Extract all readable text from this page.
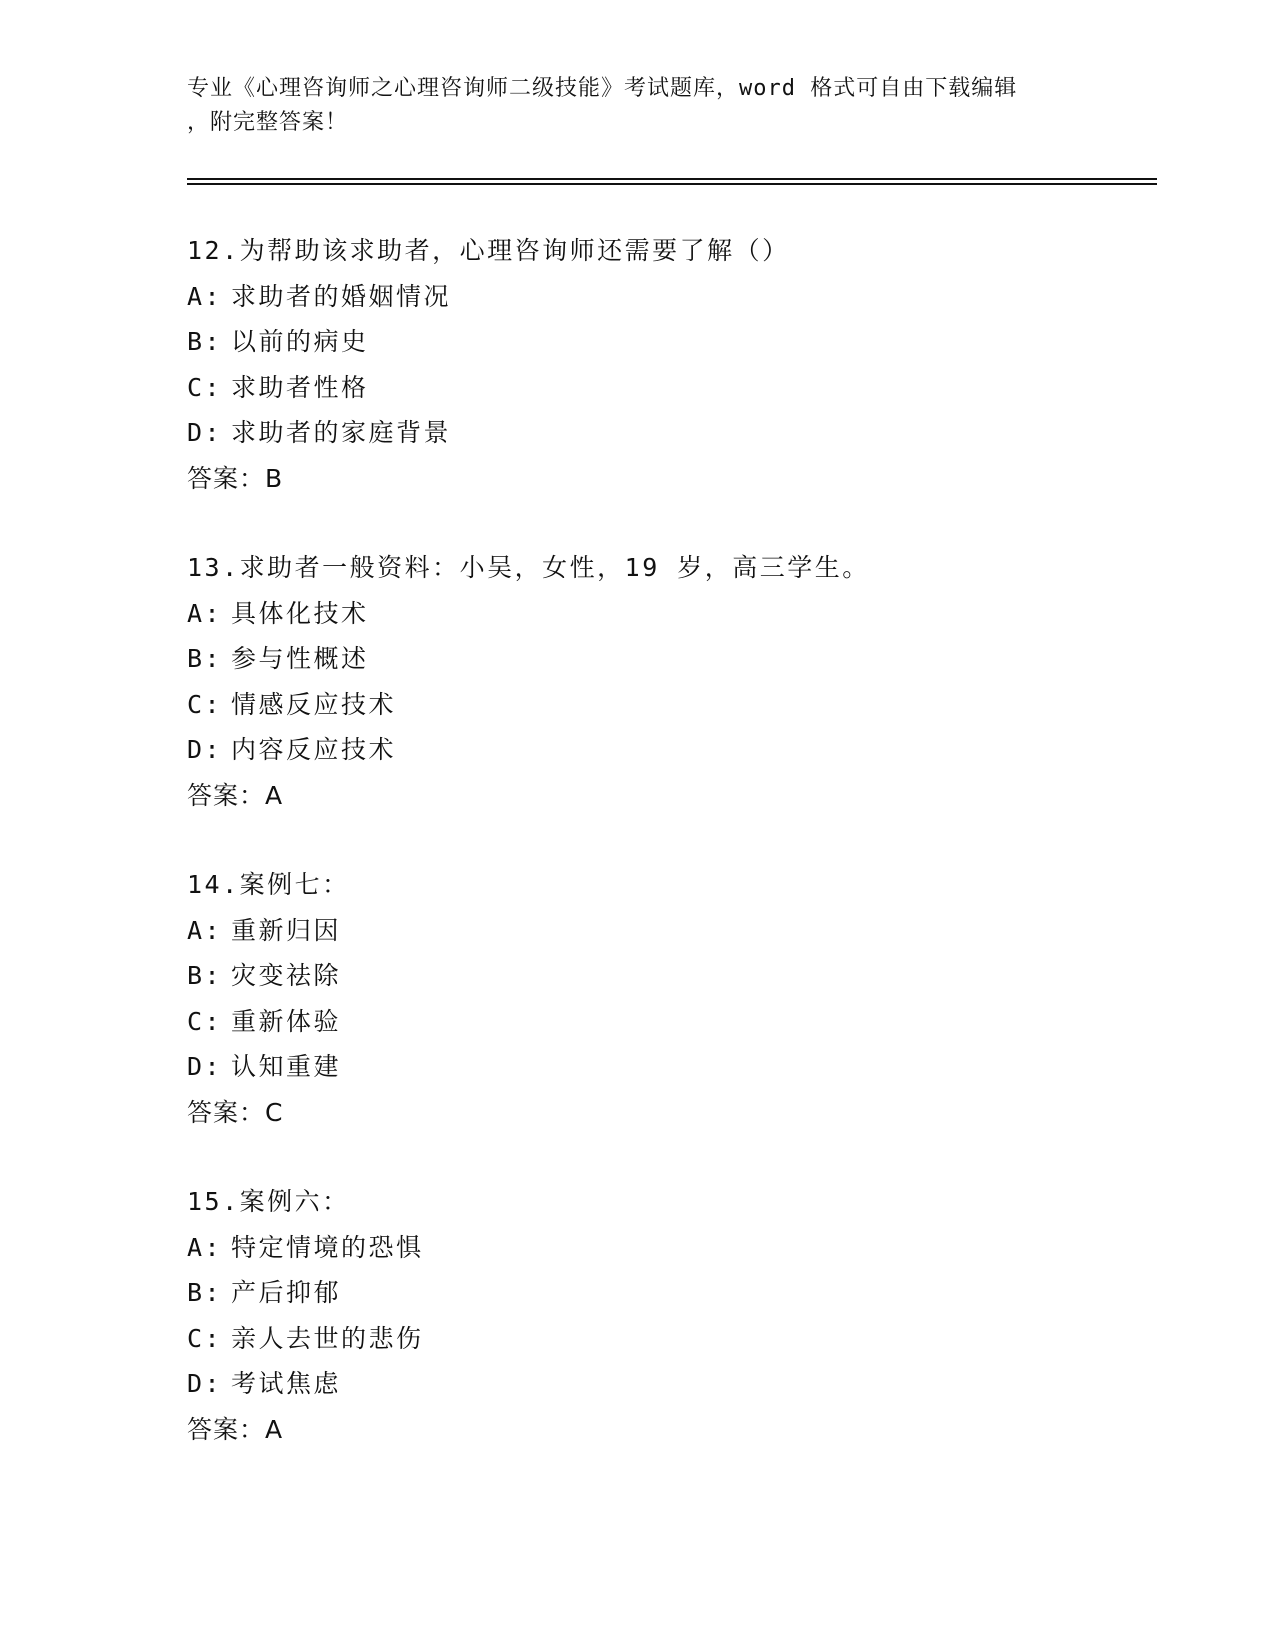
专业《心理咨询师之心理咨询师二级技能》考试题库，word 格式可自由下载编辑
，附完整答案！
12.为帮助该求助者，心理咨询师还需要了解（）
A: 求助者的婚姻情况
B: 以前的病史
C: 求助者性格
D: 求助者的家庭背景
答案：B
13.求助者一般资料：小吴，女性，19 岁，高三学生。
A: 具体化技术
B: 参与性概述
C: 情感反应技术
D: 内容反应技术
答案：A
14.案例七：
A: 重新归因
B: 灾变祛除
C: 重新体验
D: 认知重建
答案：C
15.案例六：
A: 特定情境的恐惧
B: 产后抑郁
C: 亲人去世的悲伤
D: 考试焦虑
答案：A
